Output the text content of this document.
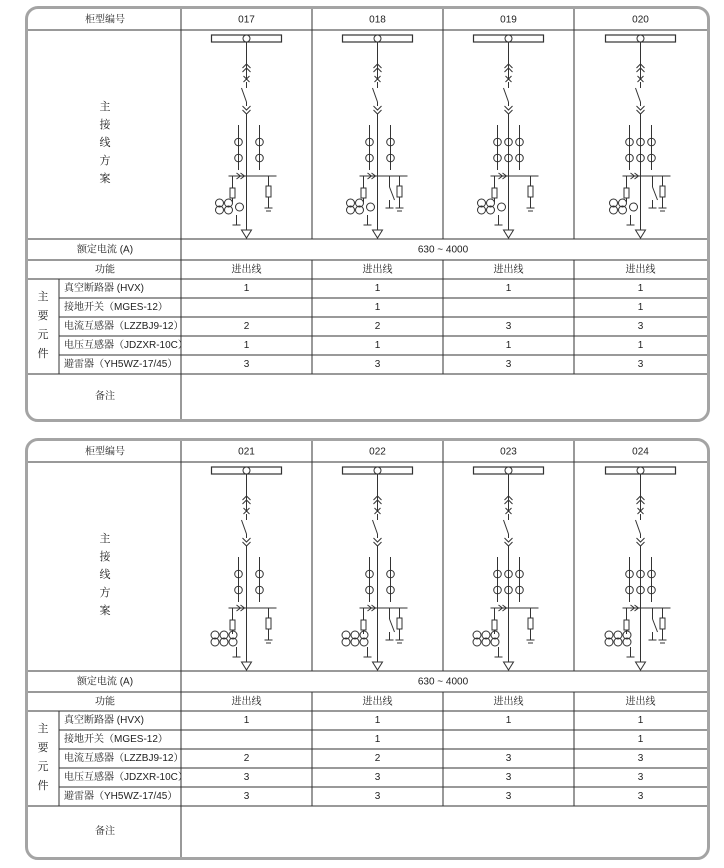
柜型编号
主
接
线
方
案
额定电流 (A)	630 ~ 4000
功能
主
要
元
件
真空断路器 (HVX)
接地开关（MGES-12）
电流互感器（LZZBJ9-12）
电压互感器（JDZXR-10C）
避雷器（YH5WZ-17/45）
备注
017
进出线
1
2
1
3
018
进出线
1
1
2
1
3
019
进出线
1
3
1
3
020
进出线
1
1
3
1
3
柜型编号
主
接
线
方
案
额定电流 (A)	630 ~ 4000
功能
主
要
元
件
真空断路器 (HVX)
接地开关（MGES-12）
电流互感器（LZZBJ9-12）
电压互感器（JDZXR-10C）
避雷器（YH5WZ-17/45）
备注
021
进出线
1
2
3
3
022
进出线
1
1
2
3
3
023
进出线
1
3
3
3
024
进出线
1
1
3
3
3
